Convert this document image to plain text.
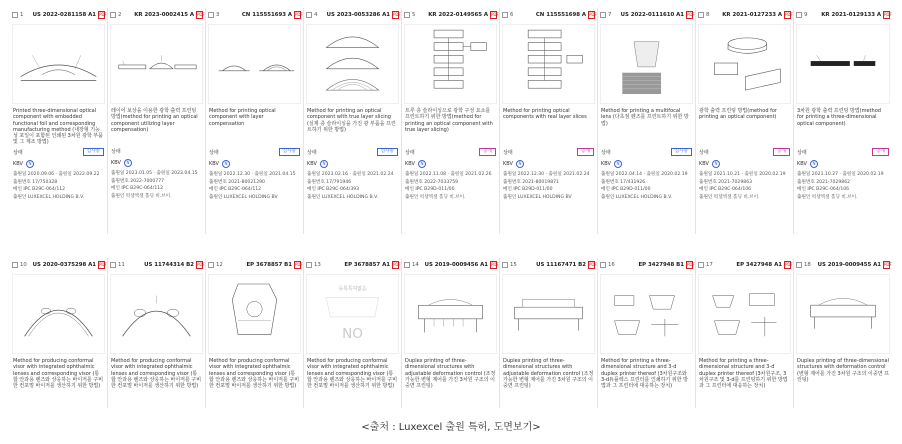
1 US 2022-0281158 A1 PDF
Printed three-dimensional optical component with embedded functional foil and corresponding manufacturing method (내장형 기능성 포일이 포함된 인쇄된 3차원 광학 부품 및 그 제조 방법)
상태	심사중
KBV	N
출원일 2020.09.06 · 출원일 2022.09.22
출원번호 17/750328
메인 IPC B29C-064/112
출원인 LUXEXCEL HOLDING B.V.
2 KR 2023-0002415 A PDF
레이어 보상을 이용한 광학 출력 프린팅 방법(method for printing an optical component utilizing layer compensation)
상태
KBV	N
출원일 2023.01.05 · 출원일 2023.04.15
출원번호 2022-7000777
메인 IPC B29C-064/112
출원인 럭셀엑셀 홀딩 비.브이.
3	CN 115551693 A PDF
Method for printing optical component with layer compensation
상태	심사중
KBV	N
출원일 2022.12.30 · 출원일 2021.04.15
출원번호 2021-80021290
메인 IPC B29C-064/112
출원인 LUXEXCEL HOLDING BV
4 US 2023-0053286 A1 PDF
Method for printing an optical component with true layer slicing (실제 층 슬라이싱을 가진 광 부품을 프린트하기 위한 방법)
상태	심사중
KBV	N
출원일 2023.02.16 · 출원일 2021.02.24
출원번호 17/791946
메인 IPC B29C-064/393
출원인 LUXEXCEL HOLDING B.V.
5 KR 2022-0149565 A PDF
트루 층 슬라이싱으로 광학 구성 요소를 프린트하기 위한 방법(method for printing an optical component with true layer slicing)
상태	공개
KBV	N
출원일 2022.11.08 · 출원일 2021.02.26
출원번호 2022-7033759
메인 IPC B29D-011/00
출원인 럭셀엑셀 홀딩 비.브이.
6	CN 115551698 A PDF
Method for printing optical components with real layer slices
상태	공개
KBV	N
출원일 2022.12.30 · 출원일 2021.02.24
출원번호 2021-80019871
메인 IPC B29D-011/00
출원인 LUXEXCEL HOLDING BV
7 US 2022-0111610 A1 PDF
Method for printing a multifocal lens (다초점 렌즈를 프린트하기 위한 방법)
상태	심사중
KBV	N
출원일 2022.04.14 · 출원일 2020.02.19
출원번호 17/431926
메인 IPC B29D-011/00
출원인 LUXEXCEL HOLDING B.V.
8 KR 2021-0127233 A PDF
광학 출력 프린팅 방법(method for printing an optical component)
상태	공개
KBV	N
출원일 2021.10.21 · 출원일 2020.02.19
출원번호 2021-7029863
메인 IPC B29C-064/106
출원인 럭셀엑셀 홀딩 비.브이.
9	KR 2021-0129133 A PDF
3차원 광학 출력 프린팅 방법(method for printing a three-dimensional optical component)
상태	공개
KBV	N
출원일 2021.10.27 · 출원일 2020.02.19
출원번호 2021-7029862
메인 IPC B29C-064/106
출원인 럭셀엑셀 홀딩 비.브이.
10 US 2020-0375298 A1 PDF
Method for producing conformal visor with integrated ophthalmic lenses and corresponding visor (통합 안과용 렌즈와 상응하는 바이저를 구비한 컨포멀 바이저를 생산하기 위한 방법)
11	US 11744314 B2 PDF
Method for producing conformal visor with integrated ophthalmic lenses and corresponding visor (통합 안과용 렌즈와 상응하는 바이저를 구비한 컨포멀 바이저를 생산하기 위한 방법)
12	EP 3678857 B1 PDF
Method for producing conformal visor with integrated ophthalmic lenses and corresponding visor (통합 안과용 렌즈와 상응하는 바이저를 구비한 컨포멀 바이저를 생산하기 위한 방법)
13	EP 3678857 A1 PDF
등록특허없음
NO
Method for producing conformal visor with integrated ophthalmic lenses and corresponding visor (통합 안과용 렌즈와 상응하는 바이저를 구비한 컨포멀 바이저를 생산하기 위한 방법)
14 US 2019-0009456 A1 PDF
Duplex printing of three-dimensional structures with adjustable deformation control (조정가능한 변형 제어를 가진 3차원 구조의 이중면 프린팅)
15	US 11167471 B2 PDF
Duplex printing of three-dimensional structures with adjustable deformation control (조정가능한 변형 제어를 가진 3차원 구조의 이중면 프린팅)
16	EP 3427948 B1 PDF
Method for printing a three-dimensional structure and 3-d duplex printer thereof (3차원구조와 3-d듀플렉스 프린터를 인쇄하기 위한 방법과 그 프린터에 대응하는 장치)
17	EP 3427948 A1 PDF
Method for printing a three-dimensional structure and 3-d duplex printer thereof (3차원구조, 3차원구조 및 3-d를 프린팅하기 위한 방법과 그 프린터에 대응하는 장치)
18 US 2019-0009455 A1 PDF
Duplex printing of three-dimensional structures with deformation control (변형 제어를 가진 3차원 구조의 이중면 프린팅)
<출처 : Luxexcel 출원 특허, 도면보기>
